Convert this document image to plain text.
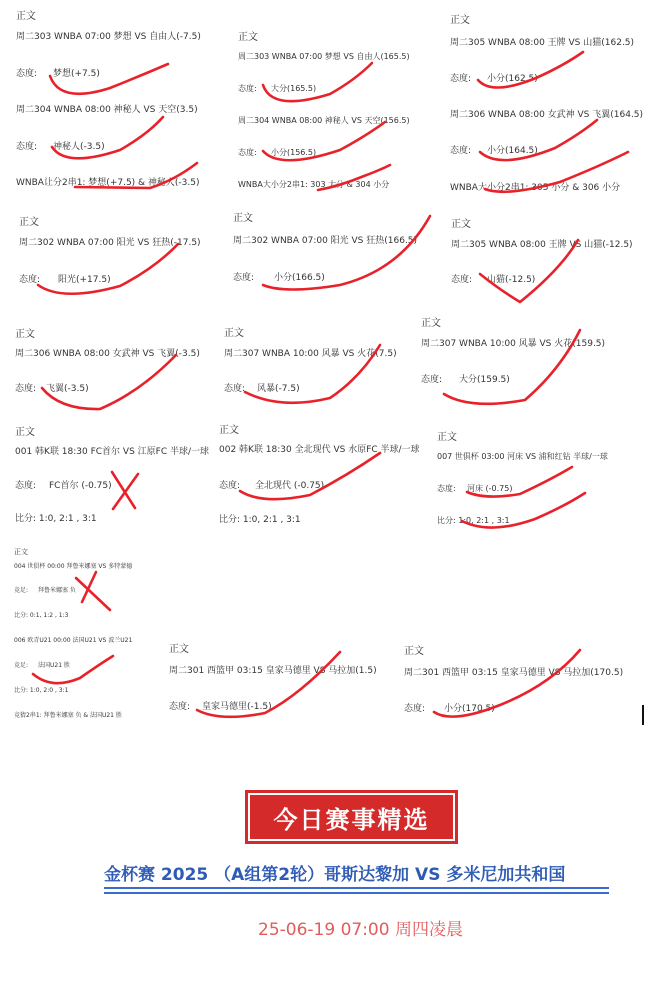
正文
周二303 WNBA 07:00 梦想 VS 自由人(-7.5)
态度: 梦想(+7.5)
周二304 WNBA 08:00 神秘人 VS 天空(3.5)
态度: 神秘人(-3.5)
WNBA让分2串1: 梦想(+7.5) & 神秘人(-3.5)
正文
周二303 WNBA 07:00 梦想 VS 自由人(165.5)
态度: 大分(165.5)
周二304 WNBA 08:00 神秘人 VS 天空(156.5)
态度: 小分(156.5)
WNBA大小分2串1: 303 大分 & 304 小分
正文
周二305 WNBA 08:00 王牌 VS 山猫(162.5)
态度: 小分(162.5)
周二306 WNBA 08:00 女武神 VS 飞翼(164.5)
态度: 小分(164.5)
WNBA大小分2串1: 305 小分 & 306 小分
正文
周二302 WNBA 07:00 阳光 VS 狂热(-17.5)
态度: 阳光(+17.5)
正文
周二302 WNBA 07:00 阳光 VS 狂热(166.5)
态度: 小分(166.5)
正文
周二305 WNBA 08:00 王牌 VS 山猫(-12.5)
态度: 山猫(-12.5)
正文
周二306 WNBA 08:00 女武神 VS 飞翼(-3.5)
态度: 飞翼(-3.5)
正文
周二307 WNBA 10:00 风暴 VS 火花(7.5)
态度: 风暴(-7.5)
正文
周二307 WNBA 10:00 风暴 VS 火花(159.5)
态度: 大分(159.5)
正文
001 韩K联 18:30 FC首尔 VS 江原FC 半球/一球
态度: FC首尔 (-0.75)
比分: 1:0, 2:1 , 3:1
正文
002 韩K联 18:30 全北现代 VS 水原FC 半球/一球
态度: 全北现代 (-0.75)
比分: 1:0, 2:1 , 3:1
正文
007 世俱杯 03:00 河床 VS 浦和红钻 半球/一球
态度: 河床 (-0.75)
比分: 1:0, 2:1 , 3:1
正文
004 世俱杯 00:00 拜鲁米娜塞 VS 多特蒙德
竞足: 拜鲁米娜塞 负
比分: 0:1, 1:2 , 1:3
006 欧青U21 00:00 法国U21 VS 波兰U21
竞足: 法国U21 胜
比分: 1:0, 2:0 , 3:1
竞猜2串1: 拜鲁米娜塞 负 & 法国U21 胜
正文
周二301 西篮甲 03:15 皇家马德里 VS 马拉加(1.5)
态度: 皇家马德里(-1.5)
正文
周二301 西篮甲 03:15 皇家马德里 VS 马拉加(170.5)
态度: 小分(170.5)
今日赛事精选
金杯赛 2025 （A组第2轮）哥斯达黎加 VS 多米尼加共和国
25-06-19 07:00 周四凌晨
